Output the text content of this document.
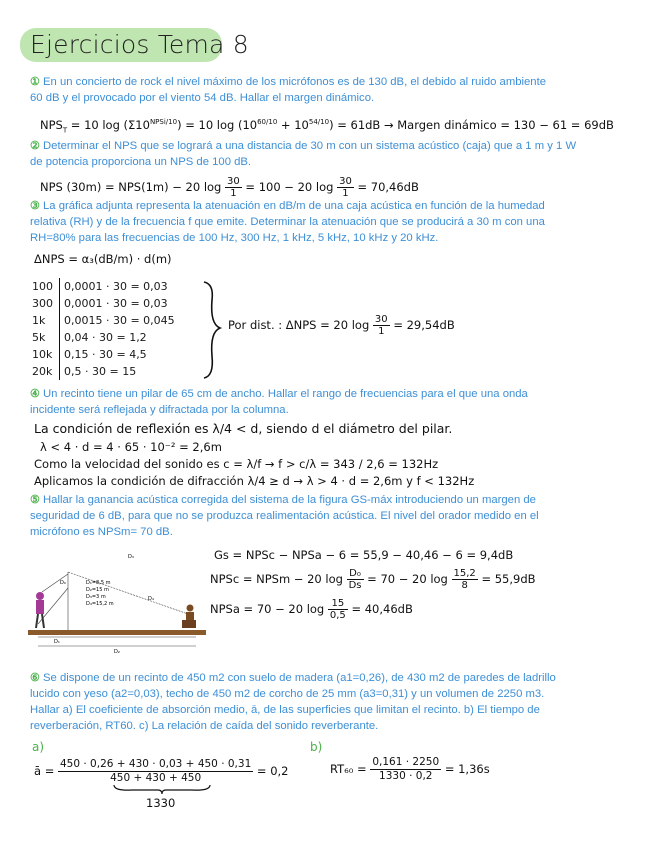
Ejercicios Tema 8
① En un concierto de rock el nivel máximo de los micrófonos es de 130 dB, el debido al ruido ambiente
60 dB y el provocado por el viento 54 dB. Hallar el margen dinámico.
$NPS_T = 10$ $\log (\Sigma 10^{NPSi/10}) = 10$ $\log (10^{60/10} + 10^{54/10}) = 61dB$ → Margen dinámico = 130 − 61 = 69dB
② Determinar el NPS que se logrará a una distancia de 30 m con un sistema acústico (caja) que a 1 m y 1 W
de potencia proporciona un NPS de 100 dB.
NPS (30m) = NPS(1m) − 20 $\log \frac{30}{1} = 100 - 20$ $\log \frac{30}{1} = 70,46dB$
③ La gráfica adjunta representa la atenuación en dB/m de una caja acústica en función de la humedad
relativa (RH) y de la frecuencia f que emite. Determinar la atenuación que se producirá a 30 m con una
RH=80% para las frecuencias de 100 Hz, 300 Hz, 1 kHz, 5 kHz, 10 kHz y 20 kHz.
ΔNPS = α₃(dB/m) · d(m)
100	0,0001 · 30 = 0,03
300	0,0001 · 30 = 0,03
1k	0,0015 · 30 = 0,045
5k	0,04 · 30 = 1,2
10k	0,15 · 30 = 4,5
20k	0,5 · 30 = 15
Por dist. : ΔNPS = 20 $\log \frac{30}{1} = 29,54dB$
④ Un recinto tiene un pilar de 65 cm de ancho. Hallar el rango de frecuencias para el que una onda
incidente será reflejada y difractada por la columna.
La condición de reflexión es λ/4 < d, siendo d el diámetro del pilar.
λ < 4 · d = 4 · 65 · 10⁻² = 2,6m
Como la velocidad del sonido es c = λ/f → f > c/λ = 343 / 2,6 = 132Hz
Aplicamos la condición de difracción λ/4 ≥ d → λ > 4 · d = 2,6m y f < 132Hz
⑤ Hallar la ganancia acústica corregida del sistema de la figura GS-máx introduciendo un margen de
seguridad de 6 dB, para que no se produzca realimentación acústica. El nivel del orador medido en el
micrófono es NPSm= 70 dB.
D₁=8,5 m
D₂=15 m
D₃=3 m
D₄=15,2 m
D₀
D₁
D₂
D₃
D₄
Gs = NPSc − NPSa − 6 = 55,9 − 40,46 − 6 = 9,4dB
NPSc = NPSm − 20 $\log \frac{\text{D₀}}{Ds} = 70 - 20$ $\log \frac{15,2}{8} = 55,9dB$
NPSa = 70 − 20 $\log \frac{15}{0,5} = 40,46dB$
⑥ Se dispone de un recinto de 450 m2 con suelo de madera (a1=0,26), de 430 m2 de paredes de ladrillo
lucido con yeso (a2=0,03), techo de 450 m2 de corcho de 25 mm (a3=0,31) y un volumen de 2250 m3.
Hallar a) El coeficiente de absorción medio, ā, de las superficies que limitan el recinto. b) El tiempo de
reverberación, RT60. c) La relación de caída del sonido reverberante.
a)
ā = $\frac{450 \cdot 0,26 + 430 \cdot 0,03 + 450 \cdot 0,31}{450 + 430 + 450} = 0,2$
1330
b)
$RT_{60} = \frac{0,161 \cdot 2250}{1330 \cdot 0,2} = 1,36s$
